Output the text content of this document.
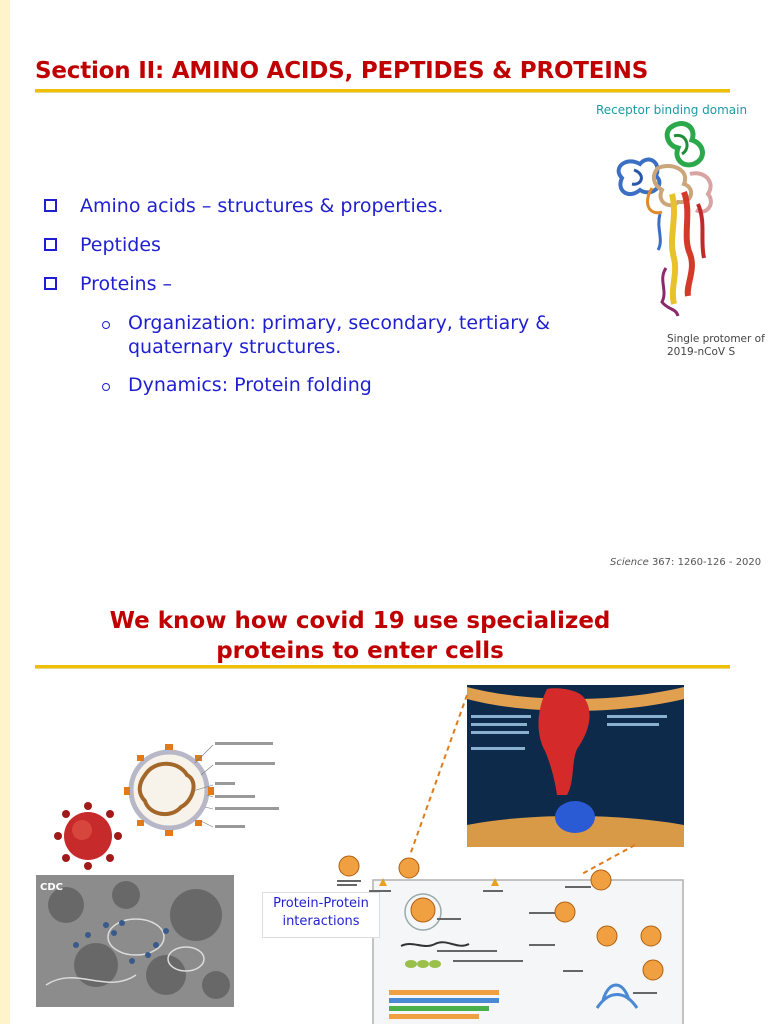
Section II: AMINO ACIDS, PEPTIDES & PROTEINS
Amino acids – structures & properties.
Peptides
Proteins –
Organization: primary, secondary, tertiary & quaternary structures.
Dynamics: Protein folding
Receptor binding domain
Single protomer of 2019-nCoV S
Science 367: 1260-126 - 2020
We know how covid 19 use specialized proteins to enter cells
CDC
Protein-Protein interactions
